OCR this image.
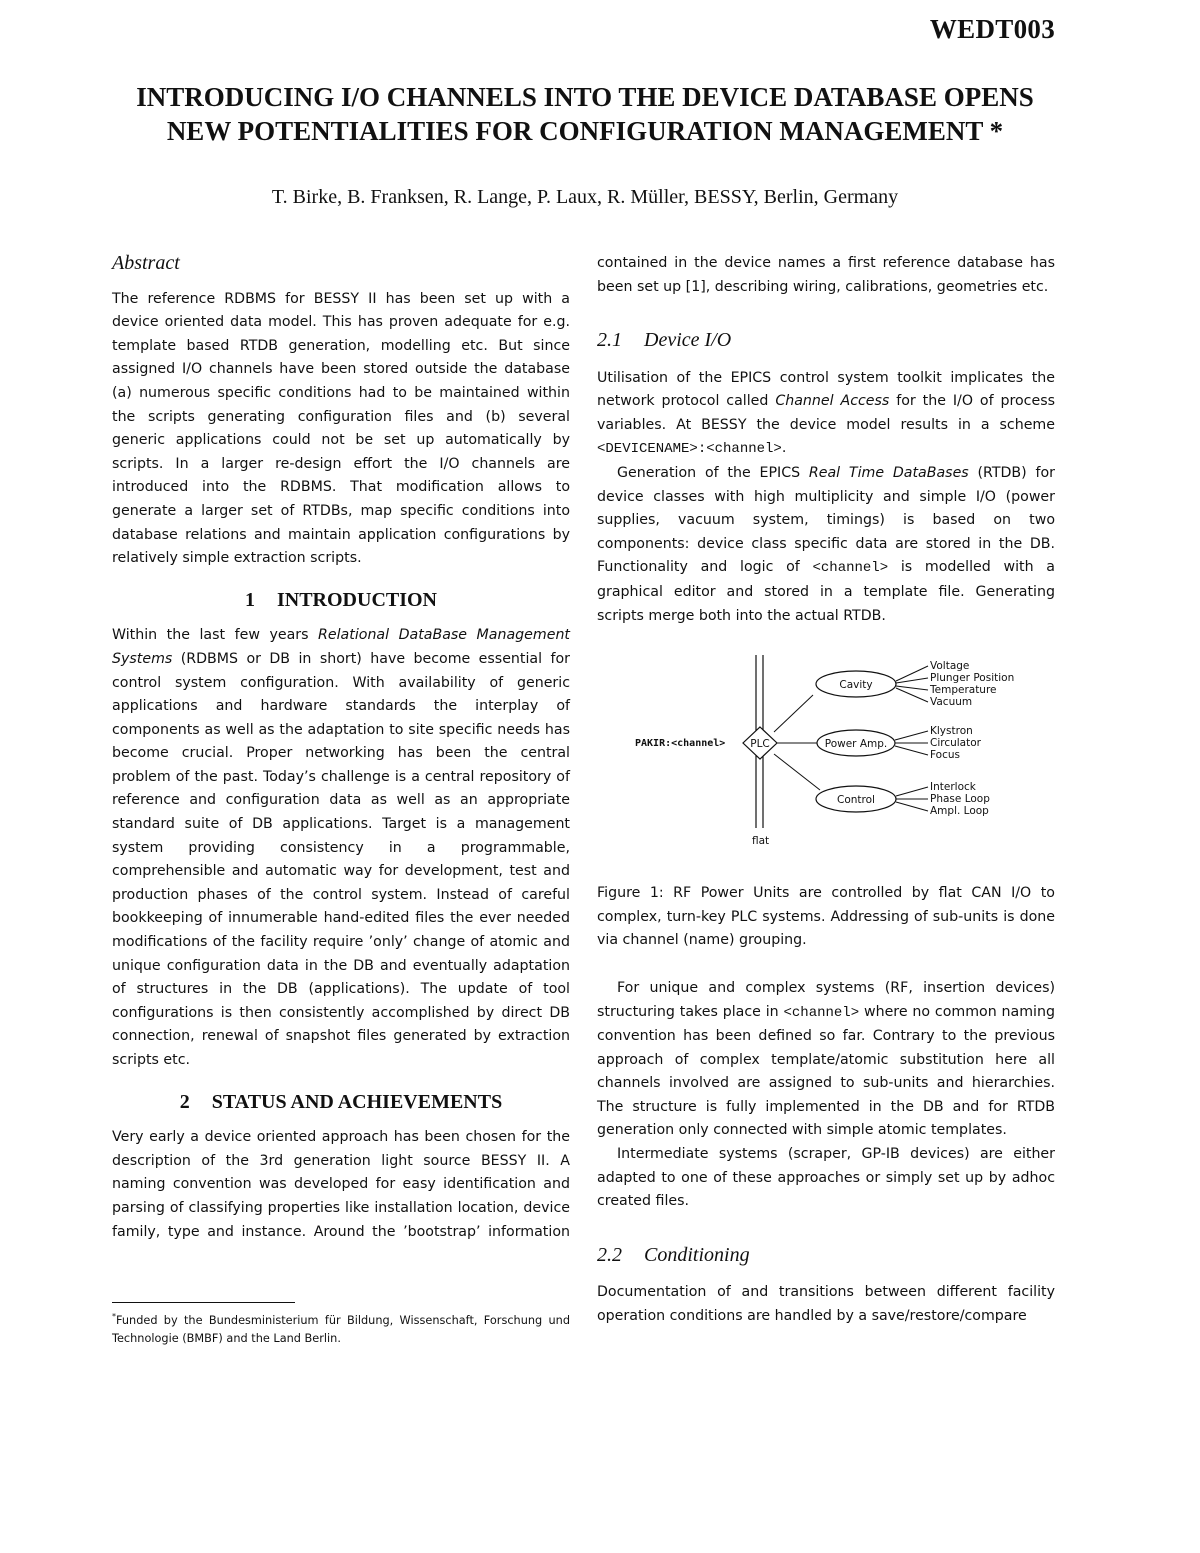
WEDT003
INTRODUCING I/O CHANNELS INTO THE DEVICE DATABASE OPENS
NEW POTENTIALITIES FOR CONFIGURATION MANAGEMENT *
T. Birke, B. Franksen, R. Lange, P. Laux, R. Müller, BESSY, Berlin, Germany
Abstract

The reference RDBMS for BESSY II has been set up with a device oriented data model. This has proven adequate for e.g. template based RTDB generation, modelling etc. But since assigned I/O channels have been stored outside the database (a) numerous specific conditions had to be maintained within the scripts generating configuration files and (b) several generic applications could not be set up automatically by scripts. In a larger re-design effort the I/O channels are introduced into the RDBMS. That modification allows to generate a larger set of RTDBs, map specific conditions into database relations and maintain application configurations by relatively simple extraction scripts.

1 INTRODUCTION

Within the last few years Relational DataBase Management Systems (RDBMS or DB in short) have become essential for control system configuration. With availability of generic applications and hardware standards the interplay of components as well as the adaptation to site specific needs has become crucial. Proper networking has been the central problem of the past. Today’s challenge is a central repository of reference and configuration data as well as an appropriate standard suite of DB applications. Target is a management system providing consistency in a programmable, comprehensible and automatic way for development, test and production phases of the control system. Instead of careful bookkeeping of innumerable hand-edited files the ever needed modifications of the facility require ’only’ change of atomic and unique configuration data in the DB and eventually adaptation of structures in the DB (applications). The update of tool configurations is then consistently accomplished by direct DB connection, renewal of snapshot files generated by extraction scripts etc.

2 STATUS AND ACHIEVEMENTS

Very early a device oriented approach has been chosen for the description of the 3rd generation light source BESSY II. A naming convention was developed for easy identification and parsing of classifying properties like installation location, device family, type and instance. Around the ’bootstrap’ information

*Funded by the Bundesministerium für Bildung, Wissenschaft, Forschung und Technologie (BMBF) and the Land Berlin.

contained in the device names a first reference database has been set up [1], describing wiring, calibrations, geometries etc.

2.1 Device I/O

Utilisation of the EPICS control system toolkit implicates the network protocol called Channel Access for the I/O of process variables. At BESSY the device model results in a scheme <DEVICENAME>:<channel>.

Generation of the EPICS Real Time DataBases (RTDB) for device classes with high multiplicity and simple I/O (power supplies, vacuum system, timings) is based on two components: device class specific data are stored in the DB. Functionality and logic of <channel> is modelled with a graphical editor and stored in a template file. Generating scripts merge both into the actual RTDB.

Figure 1: RF Power Units are controlled by flat CAN I/O to complex, turn-key PLC systems. Addressing of sub-units is done via channel (name) grouping.

For unique and complex systems (RF, insertion devices) structuring takes place in <channel> where no common naming convention has been defined so far. Contrary to the previous approach of complex template/atomic substitution here all channels involved are assigned to sub-units and hierarchies. The structure is fully implemented in the DB and for RTDB generation only connected with simple atomic templates.

Intermediate systems (scraper, GP-IB devices) are either adapted to one of these approaches or simply set up by adhoc created files.

2.2 Conditioning

Documentation of and transitions between different facility operation conditions are handled by a save/restore/compare

flat
PAKIR:<channel> PLC
Cavity
Voltage
Plunger Position
Temperature
Vacuum
Power Amp.
Klystron
Circulator
Focus
Control
Interlock
Phase Loop
Ampl. Loop
